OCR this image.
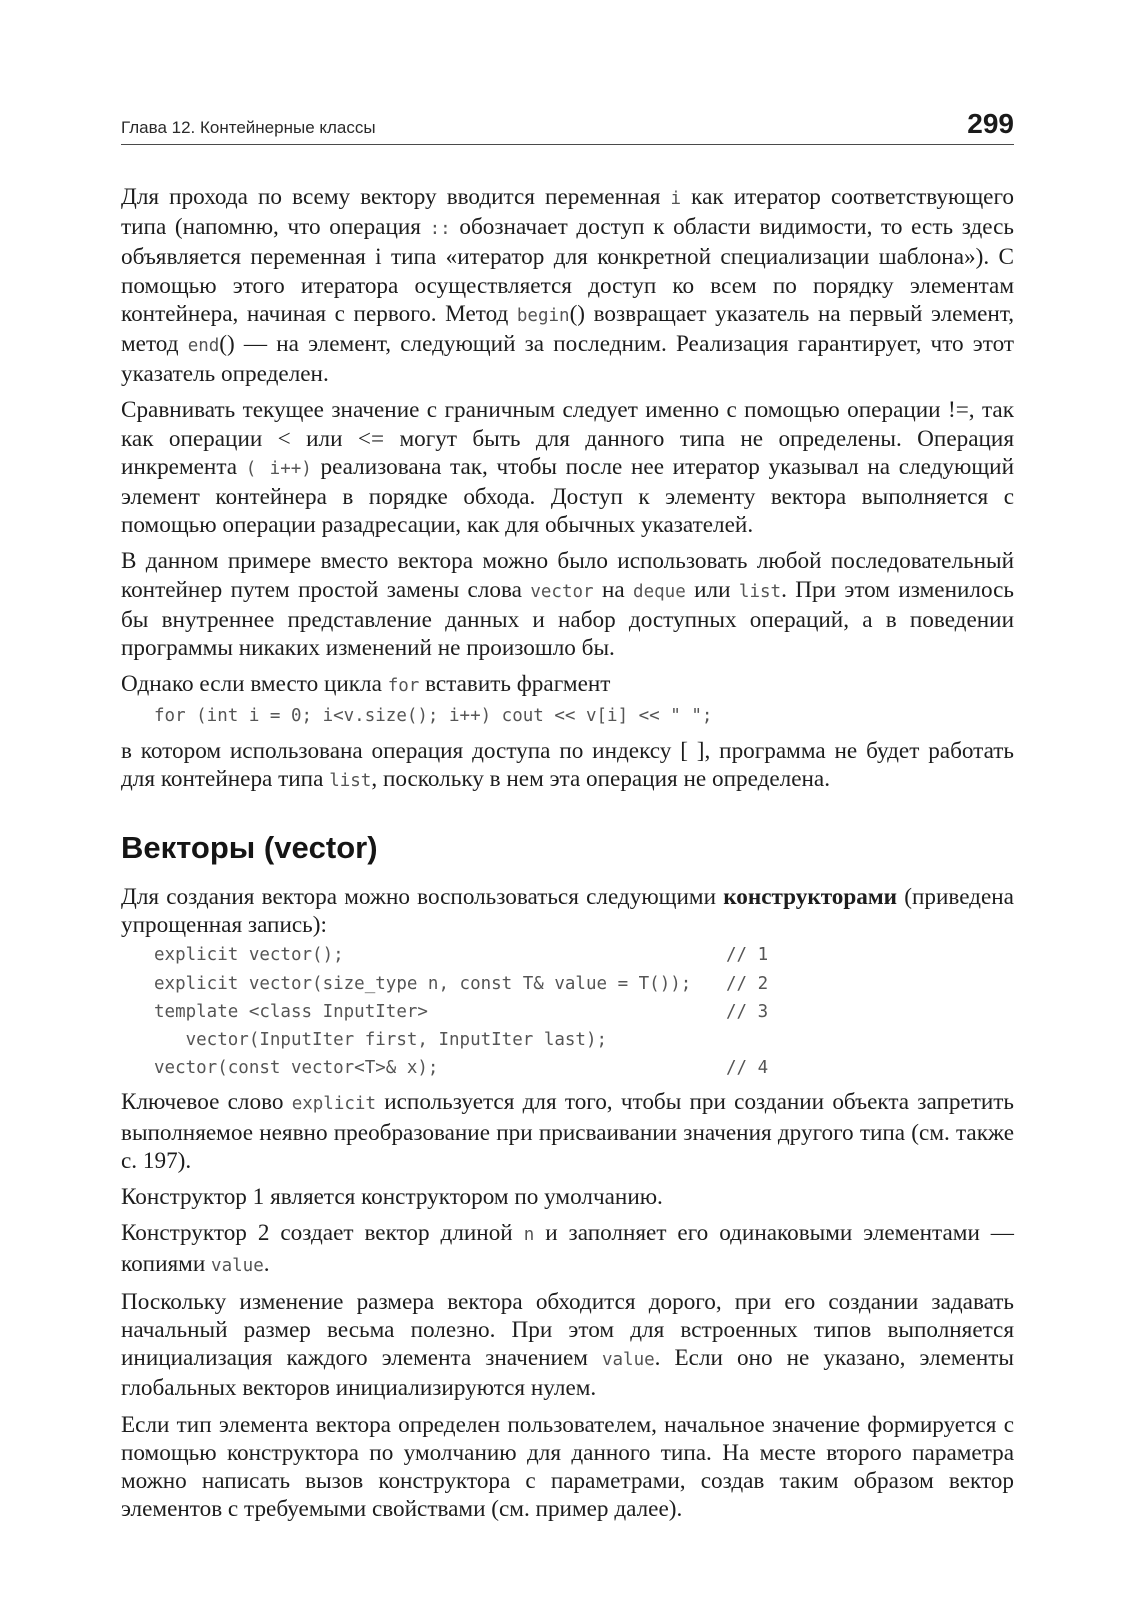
Глава 12. Контейнерные классы	299

Для прохода по всему вектору вводится переменная i как итератор соответствующего типа (напомню, что операция :: обозначает доступ к области видимости, то есть здесь объявляется переменная i типа «итератор для конкретной специализации шаблона»). С помощью этого итератора осуществляется доступ ко всем по порядку элементам контейнера, начиная с первого. Метод begin() возвращает указатель на первый элемент, метод end() — на элемент, следующий за последним. Реализация гарантирует, что этот указатель определен.

Сравнивать текущее значение с граничным следует именно с помощью операции !=, так как операции < или <= могут быть для данного типа не определены. Операция инкремента ( i++) реализована так, чтобы после нее итератор указывал на следующий элемент контейнера в порядке обхода. Доступ к элементу вектора выполняется с помощью операции разадресации, как для обычных указателей.

В данном примере вместо вектора можно было использовать любой последовательный контейнер путем простой замены слова vector на deque или list. При этом изменилось бы внутреннее представление данных и набор доступных операций, а в поведении программы никаких изменений не произошло бы.

Однако если вместо цикла for вставить фрагмент

for (int i = 0; i<v.size(); i++) cout << v[i] << " ";

в котором использована операция доступа по индексу [ ], программа не будет работать для контейнера типа list, поскольку в нем эта операция не определена.

Векторы (vector)

Для создания вектора можно воспользоваться следующими конструкторами (приведена упрощенная запись):

explicit vector();	// 1
explicit vector(size_type n, const T& value = T()); // 2
template <class InputIter>	// 3
vector(InputIter first, InputIter last);
vector(const vector<T>& x);	// 4

Ключевое слово explicit используется для того, чтобы при создании объекта запретить выполняемое неявно преобразование при присваивании значения другого типа (см. также с. 197).

Конструктор 1 является конструктором по умолчанию.

Конструктор 2 создает вектор длиной n и заполняет его одинаковыми элементами — копиями value.

Поскольку изменение размера вектора обходится дорого, при его создании задавать начальный размер весьма полезно. При этом для встроенных типов выполняется инициализация каждого элемента значением value. Если оно не указано, элементы глобальных векторов инициализируются нулем.

Если тип элемента вектора определен пользователем, начальное значение формируется с помощью конструктора по умолчанию для данного типа. На месте второго параметра можно написать вызов конструктора с параметрами, создав таким образом вектор элементов с требуемыми свойствами (см. пример далее).
